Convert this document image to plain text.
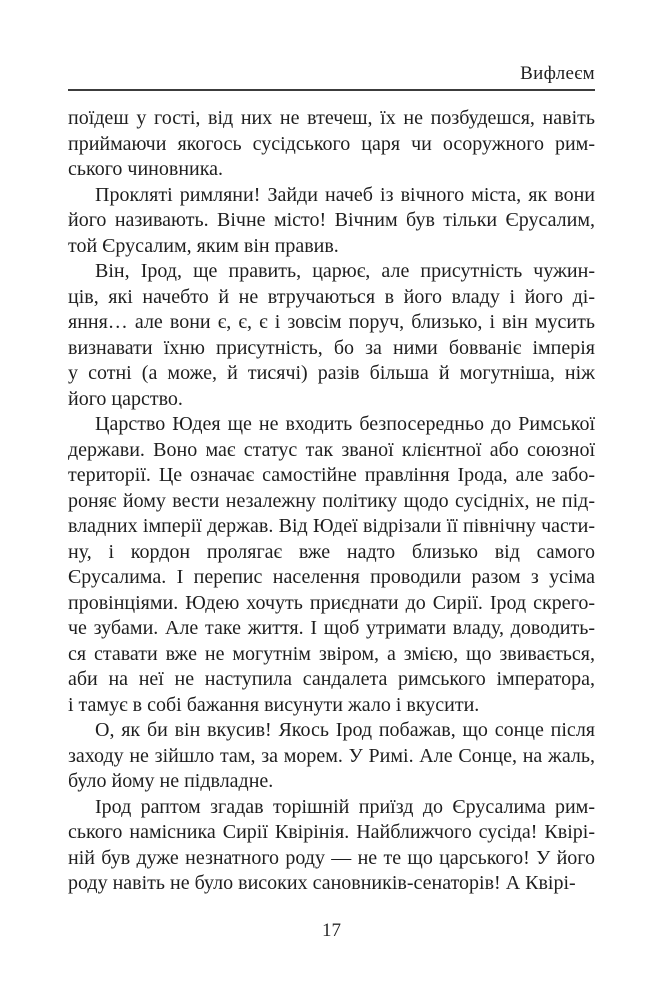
Вифлеєм
поїдеш у гості, від них не втечеш, їх не позбудешся, навіть
приймаючи якогось сусідського царя чи осоружного рим-
ського чиновника.
Прокляті римляни! Зайди начеб із вічного міста, як вони
його називають. Вічне місто! Вічним був тільки Єрусалим,
той Єрусалим, яким він правив.
Він, Ірод, ще править, царює, але присутність чужин-
ців, які начебто й не втручаються в його владу і його ді-
яння… але вони є, є, є і зовсім поруч, близько, і він мусить
визнавати їхню присутність, бо за ними бовваніє імперія
у сотні (а може, й тисячі) разів більша й могутніша, ніж
його царство.
Царство Юдея ще не входить безпосередньо до Римської
держави. Воно має статус так званої клієнтної або союзної
території. Це означає самостійне правління Ірода, але забо-
роняє йому вести незалежну політику щодо сусідніх, не під-
владних імперії держав. Від Юдеї відрізали її північну части-
ну, і кордон пролягає вже надто близько від самого
Єрусалима. І перепис населення проводили разом з усіма
провінціями. Юдею хочуть приєднати до Сирії. Ірод скрего-
че зубами. Але таке життя. І щоб утримати владу, доводить-
ся ставати вже не могутнім звіром, а змією, що звивається,
аби на неї не наступила сандалета римського імператора,
і тамує в собі бажання висунути жало і вкусити.
О, як би він вкусив! Якось Ірод побажав, що сонце після
заходу не зійшло там, за морем. У Римі. Але Сонце, на жаль,
було йому не підвладне.
Ірод раптом згадав торішній приїзд до Єрусалима рим-
ського намісника Сирії Квірінія. Найближчого сусіда! Квірі-
ній був дуже незнатного роду — не те що царського! У його
роду навіть не було високих сановників-сенаторів! А Квірі-
17
